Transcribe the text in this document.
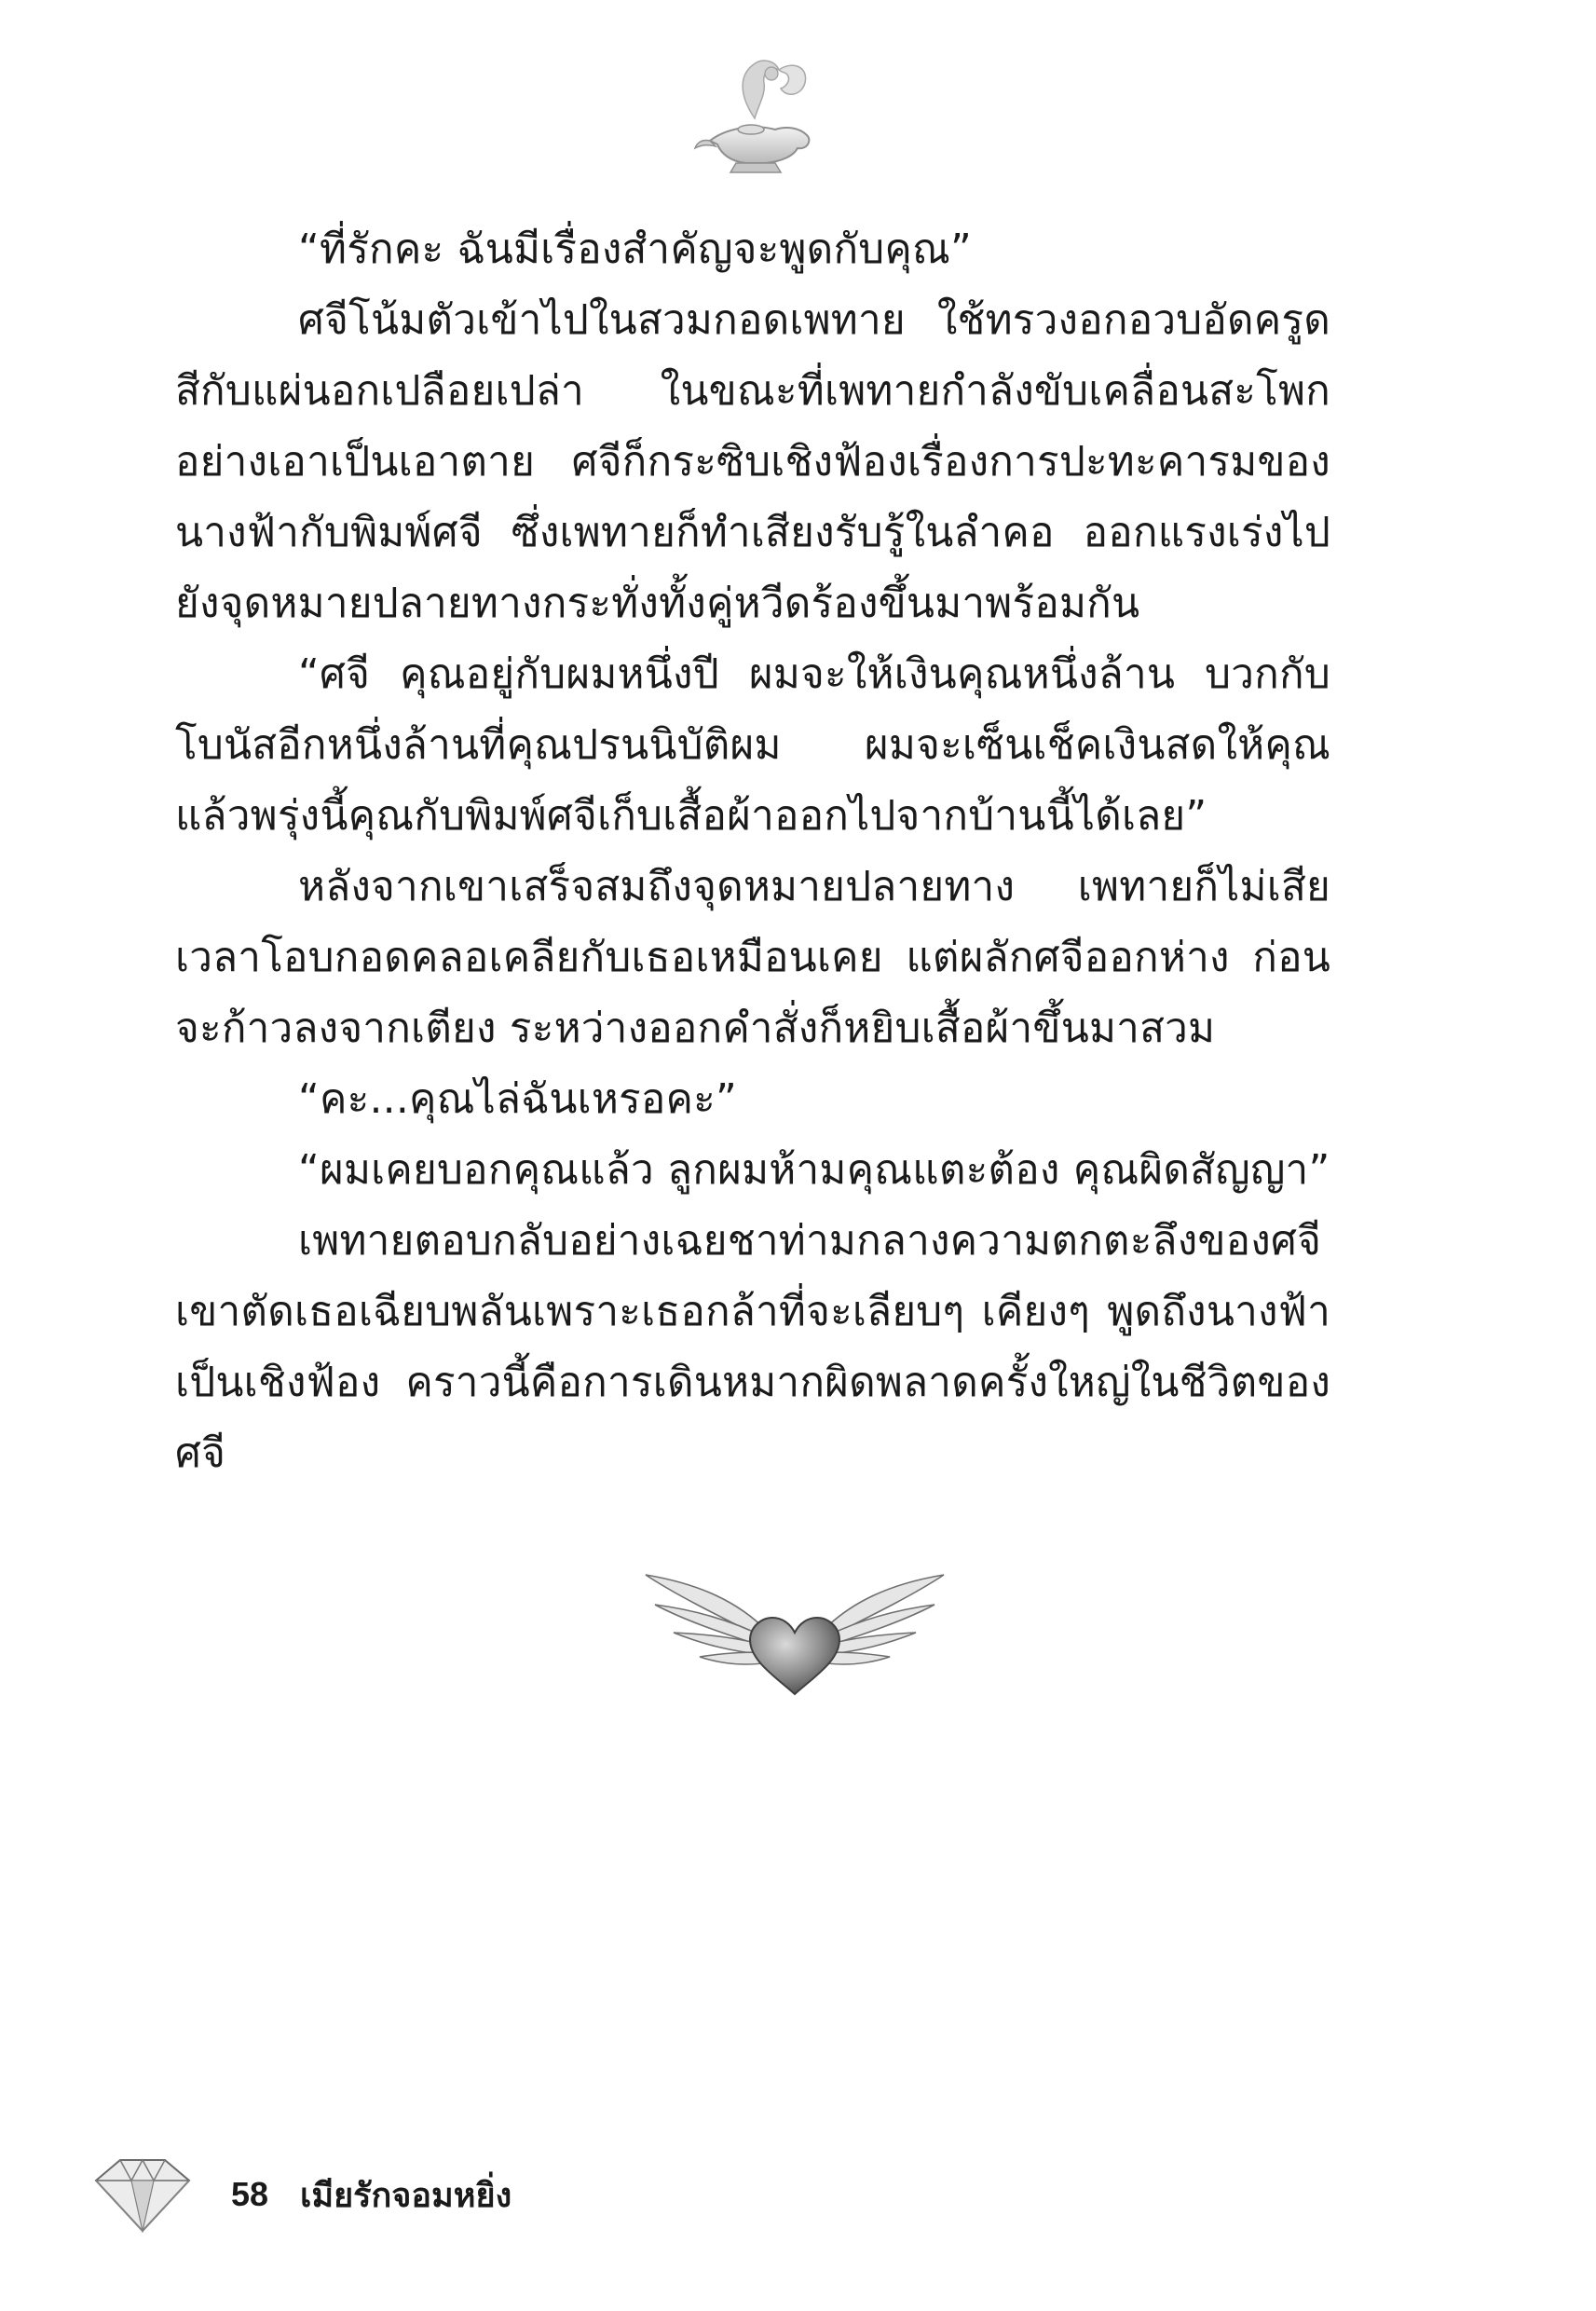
“ที่รักคะ ฉันมีเรื่องสำคัญจะพูดกับคุณ”

ศจีโน้มตัวเข้าไปในสวมกอดเพทาย ใช้ทรวงอกอวบอัดครูดสีกับแผ่นอกเปลือยเปล่า ในขณะที่เพทายกำลังขับเคลื่อนสะโพกอย่างเอาเป็นเอาตาย ศจีก็กระซิบเชิงฟ้องเรื่องการปะทะคารมของนางฟ้ากับพิมพ์ศจี ซึ่งเพทายก็ทำเสียงรับรู้ในลำคอ ออกแรงเร่งไปยังจุดหมายปลายทางกระทั่งทั้งคู่หวีดร้องขึ้นมาพร้อมกัน

“ศจี คุณอยู่กับผมหนึ่งปี ผมจะให้เงินคุณหนึ่งล้าน บวกกับโบนัสอีกหนึ่งล้านที่คุณปรนนิบัติผม ผมจะเซ็นเช็คเงินสดให้คุณ แล้วพรุ่งนี้คุณกับพิมพ์ศจีเก็บเสื้อผ้าออกไปจากบ้านนี้ได้เลย”

หลังจากเขาเสร็จสมถึงจุดหมายปลายทาง เพทายก็ไม่เสียเวลาโอบกอดคลอเคลียกับเธอเหมือนเคย แต่ผลักศจีออกห่าง ก่อนจะก้าวลงจากเตียง ระหว่างออกคำสั่งก็หยิบเสื้อผ้าขึ้นมาสวม

“คะ...คุณไล่ฉันเหรอคะ”

“ผมเคยบอกคุณแล้ว ลูกผมห้ามคุณแตะต้อง คุณผิดสัญญา”

เพทายตอบกลับอย่างเฉยชาท่ามกลางความตกตะลึงของศจี เขาตัดเธอเฉียบพลันเพราะเธอกล้าที่จะเลียบๆ เคียงๆ พูดถึงนางฟ้าเป็นเชิงฟ้อง คราวนี้คือการเดินหมากผิดพลาดครั้งใหญ่ในชีวิตของศจี

58 เมียรักจอมหยิ่ง
